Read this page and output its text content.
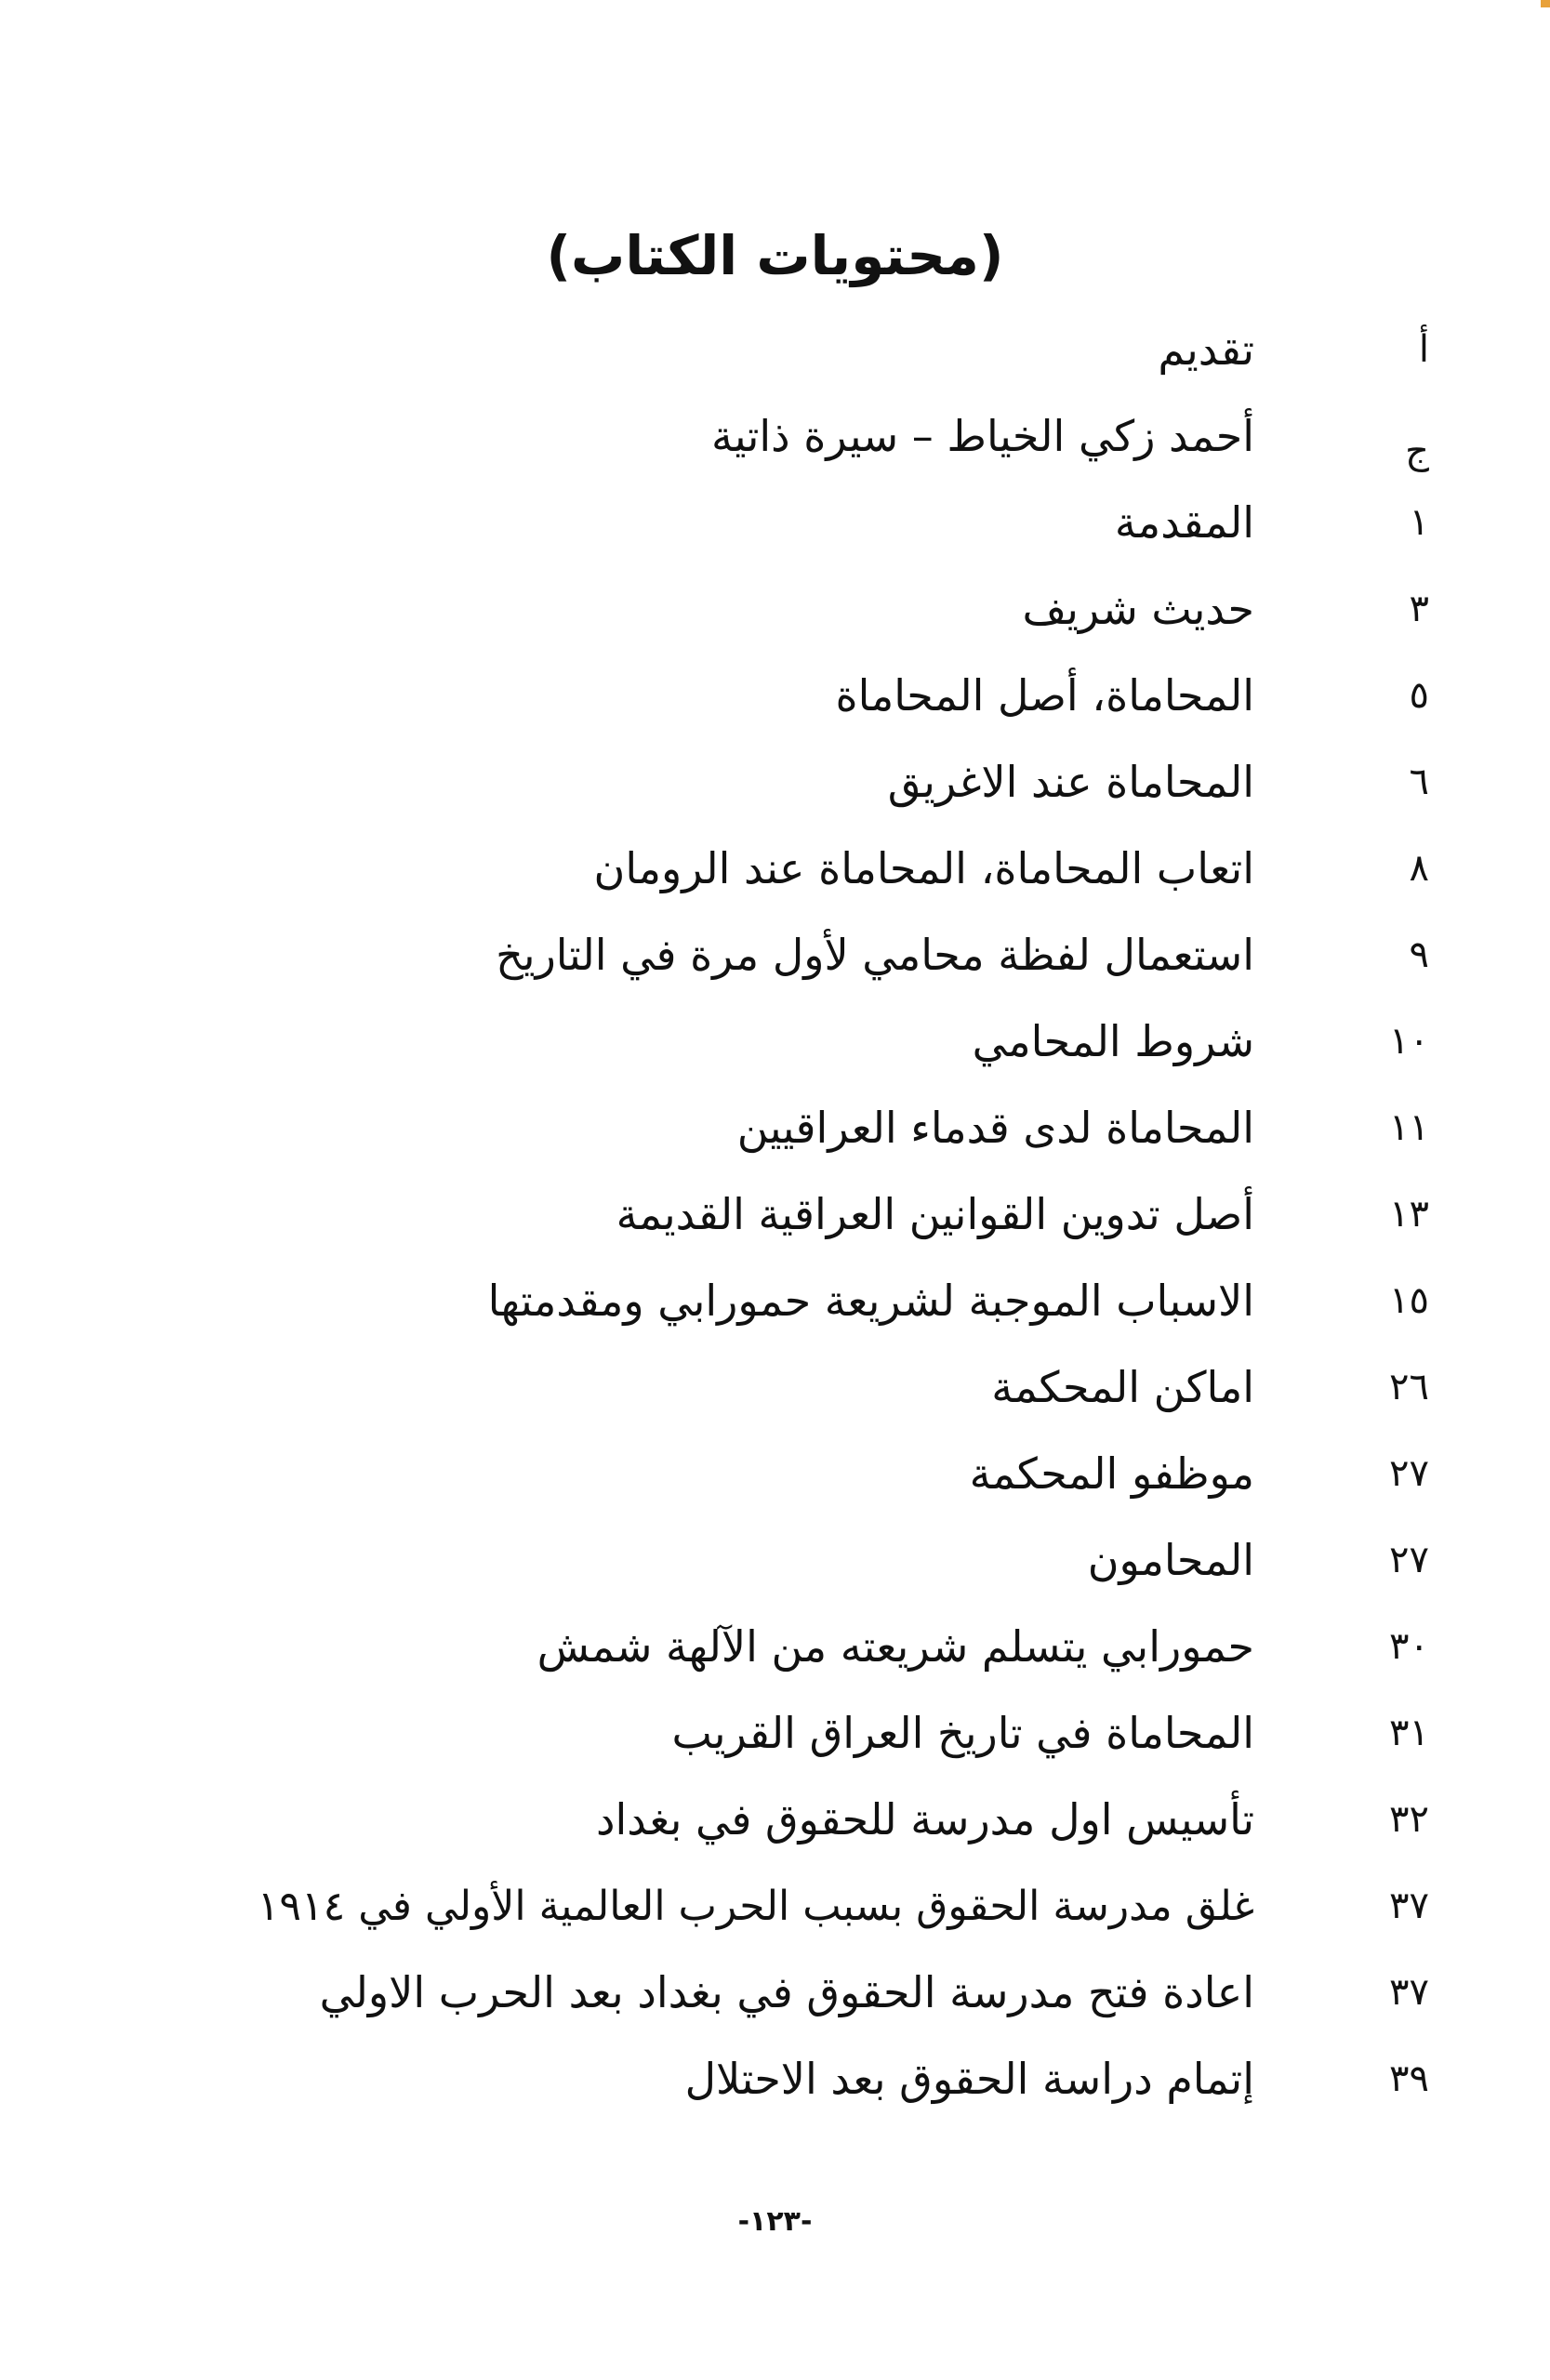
(محتويات الكتاب)
أ
تقديم
ج
أحمد زكي الخياط – سيرة ذاتية
١
المقدمة
٣
حديث شريف
٥
المحاماة، أصل المحاماة
٦
المحاماة عند الاغريق
٨
اتعاب المحاماة، المحاماة عند الرومان
٩
استعمال لفظة محامي لأول مرة في التاريخ
١٠
شروط المحامي
١١
المحاماة لدى قدماء العراقيين
١٣
أصل تدوين القوانين العراقية القديمة
١٥
الاسباب الموجبة لشريعة حمورابي ومقدمتها
٢٦
اماكن المحكمة
٢٧
موظفو المحكمة
٢٧
المحامون
٣٠
حمورابي يتسلم شريعته من الآلهة شمش
٣١
المحاماة في تاريخ العراق القريب
٣٢
تأسيس اول مدرسة للحقوق في بغداد
٣٧
غلق مدرسة الحقوق بسبب الحرب العالمية الأولي في ١٩١٤
٣٧
اعادة فتح مدرسة الحقوق في بغداد بعد الحرب الاولي
٣٩
إتمام دراسة الحقوق بعد الاحتلال
-١٢٣-
